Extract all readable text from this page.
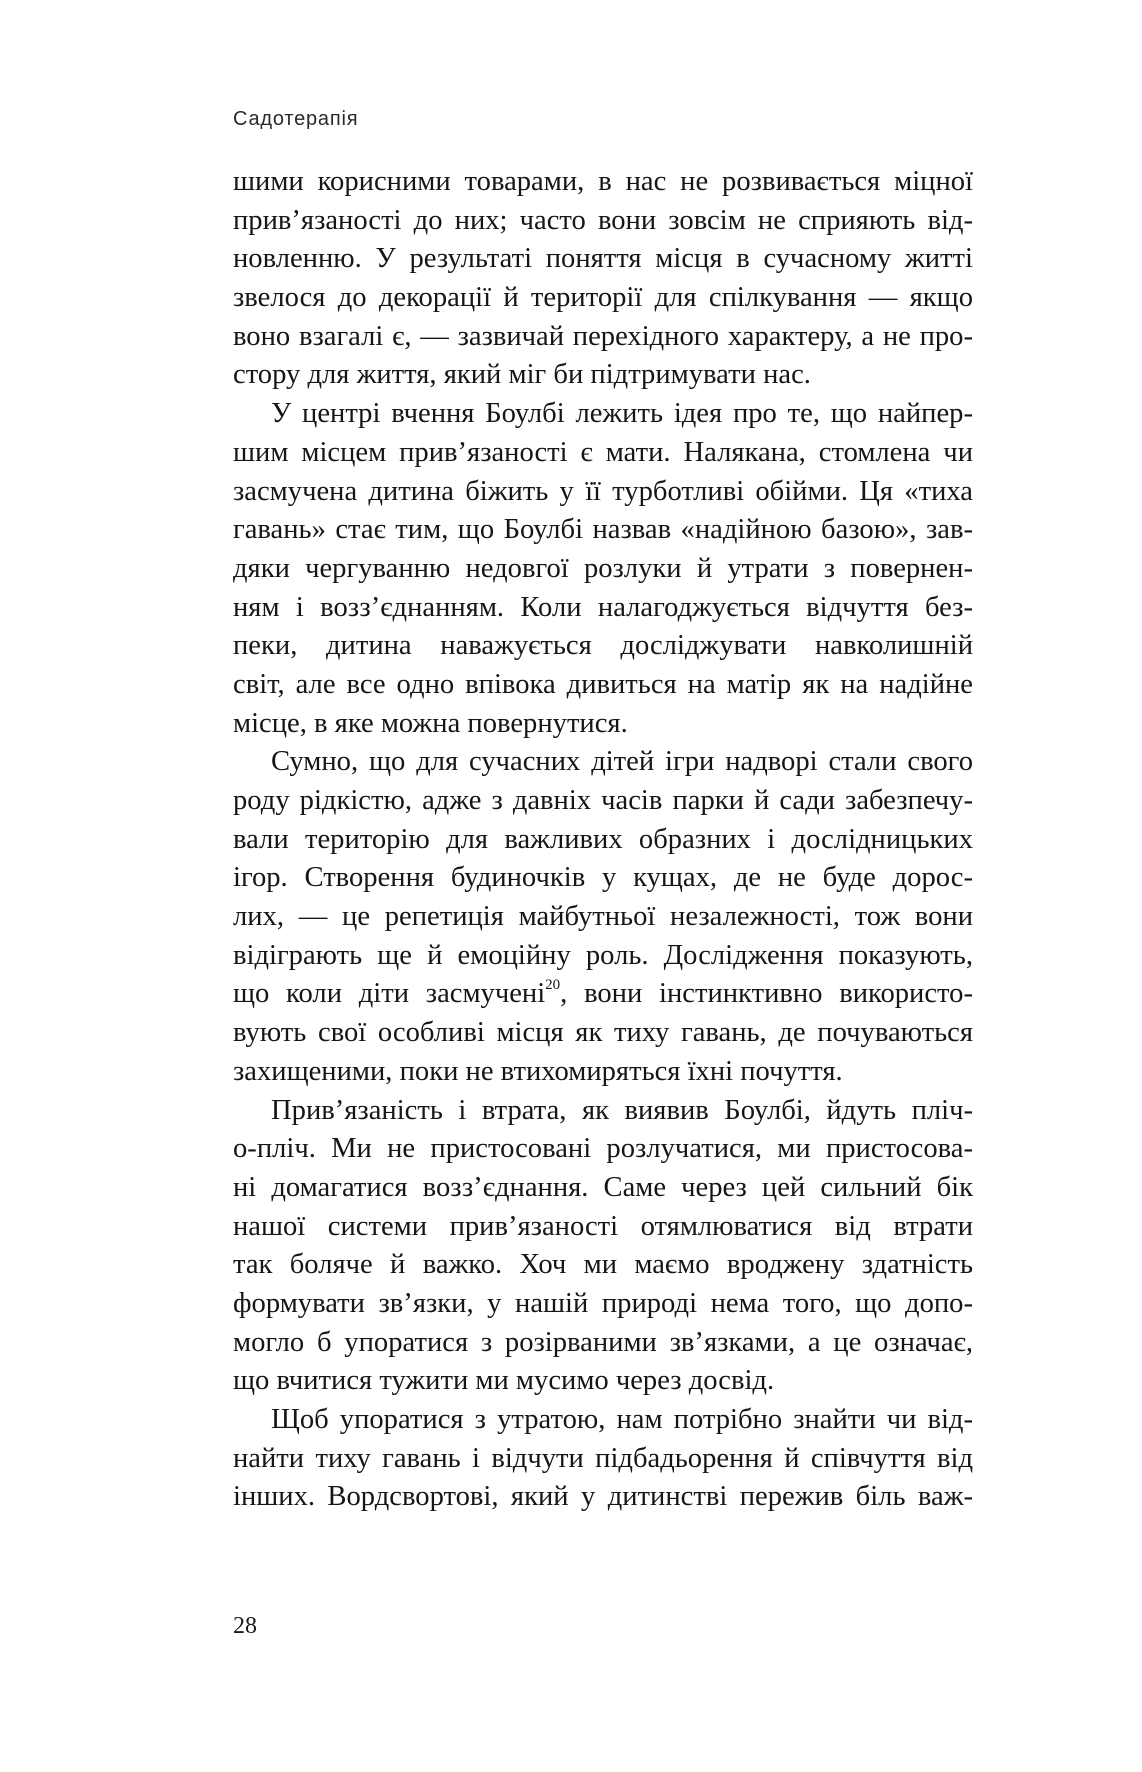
Садотерапія
шими корисними товарами, в нас не розвивається міцної
прив’язаності до них; часто вони зовсім не сприяють від-
новленню. У результаті поняття місця в сучасному житті
звелося до декорації й території для спілкування — якщо
воно взагалі є, — зазвичай перехідного характеру, а не про-
стору для життя, який міг би підтримувати нас.
У центрі вчення Боулбі лежить ідея про те, що найпер-
шим місцем прив’язаності є мати. Налякана, стомлена чи
засмучена дитина біжить у її турботливі обійми. Ця «тиха
гавань» стає тим, що Боулбі назвав «надійною базою», зав-
дяки чергуванню недовгої розлуки й утрати з повернен-
ням і возз’єднанням. Коли налагоджується відчуття без-
пеки, дитина наважується досліджувати навколишній
світ, але все одно впівока дивиться на матір як на надійне
місце, в яке можна повернутися.
Сумно, що для сучасних дітей ігри надворі стали свого
роду рідкістю, адже з давніх часів парки й сади забезпечу-
вали територію для важливих образних і дослідницьких
ігор. Створення будиночків у кущах, де не буде дорос-
лих, — це репетиція майбутньої незалежності, тож вони
відіграють ще й емоційну роль. Дослідження показують,
що коли діти засмучені$^{20}$, вони інстинктивно використо-
вують свої особливі місця як тиху гавань, де почуваються
захищеними, поки не втихомиряться їхні почуття.
Прив’язаність і втрата, як виявив Боулбі, йдуть пліч-
о-пліч. Ми не пристосовані розлучатися, ми пристосова-
ні домагатися возз’єднання. Саме через цей сильний бік
нашої системи прив’язаності отямлюватися від втрати
так боляче й важко. Хоч ми маємо вроджену здатність
формувати зв’язки, у нашій природі нема того, що допо-
могло б упоратися з розірваними зв’язками, а це означає,
що вчитися тужити ми мусимо через досвід.
Щоб упоратися з утратою, нам потрібно знайти чи від-
найти тиху гавань і відчути підбадьорення й співчуття від
інших. Вордсвортові, який у дитинстві пережив біль важ-
28
